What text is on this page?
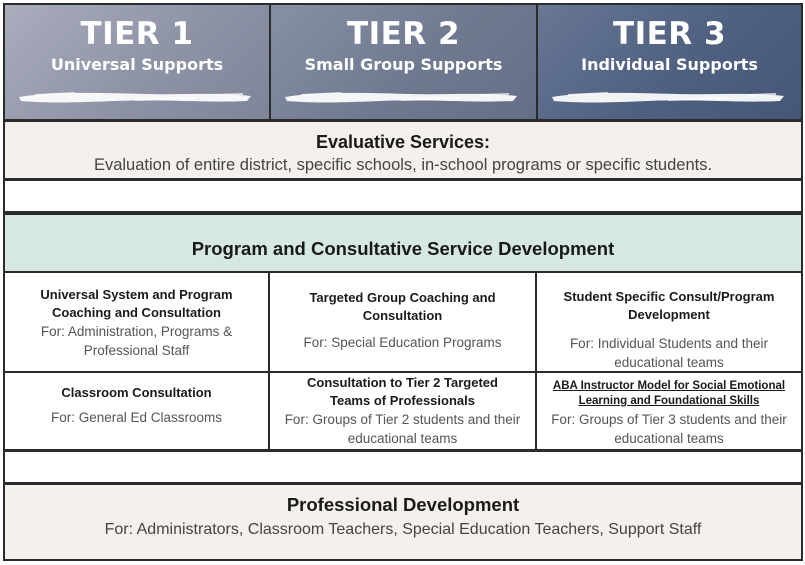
TIER 1
Universal Supports
TIER 2
Small Group Supports
TIER 3
Individual Supports
Evaluative Services:
Evaluation of entire district, specific schools, in-school programs or specific students.
Program and Consultative Service Development
Universal System and Program Coaching and Consultation
For: Administration, Programs & Professional Staff
Targeted Group Coaching and Consultation
For: Special Education Programs
Student Specific Consult/Program Development
For: Individual Students and their educational teams
Classroom Consultation
For: General Ed Classrooms
Consultation to Tier 2 Targeted Teams of Professionals
For: Groups of Tier 2 students and their educational teams
ABA Instructor Model for Social Emotional Learning and Foundational Skills
For: Groups of Tier 3 students and their educational teams
Professional Development
For: Administrators, Classroom Teachers, Special Education Teachers, Support Staff
